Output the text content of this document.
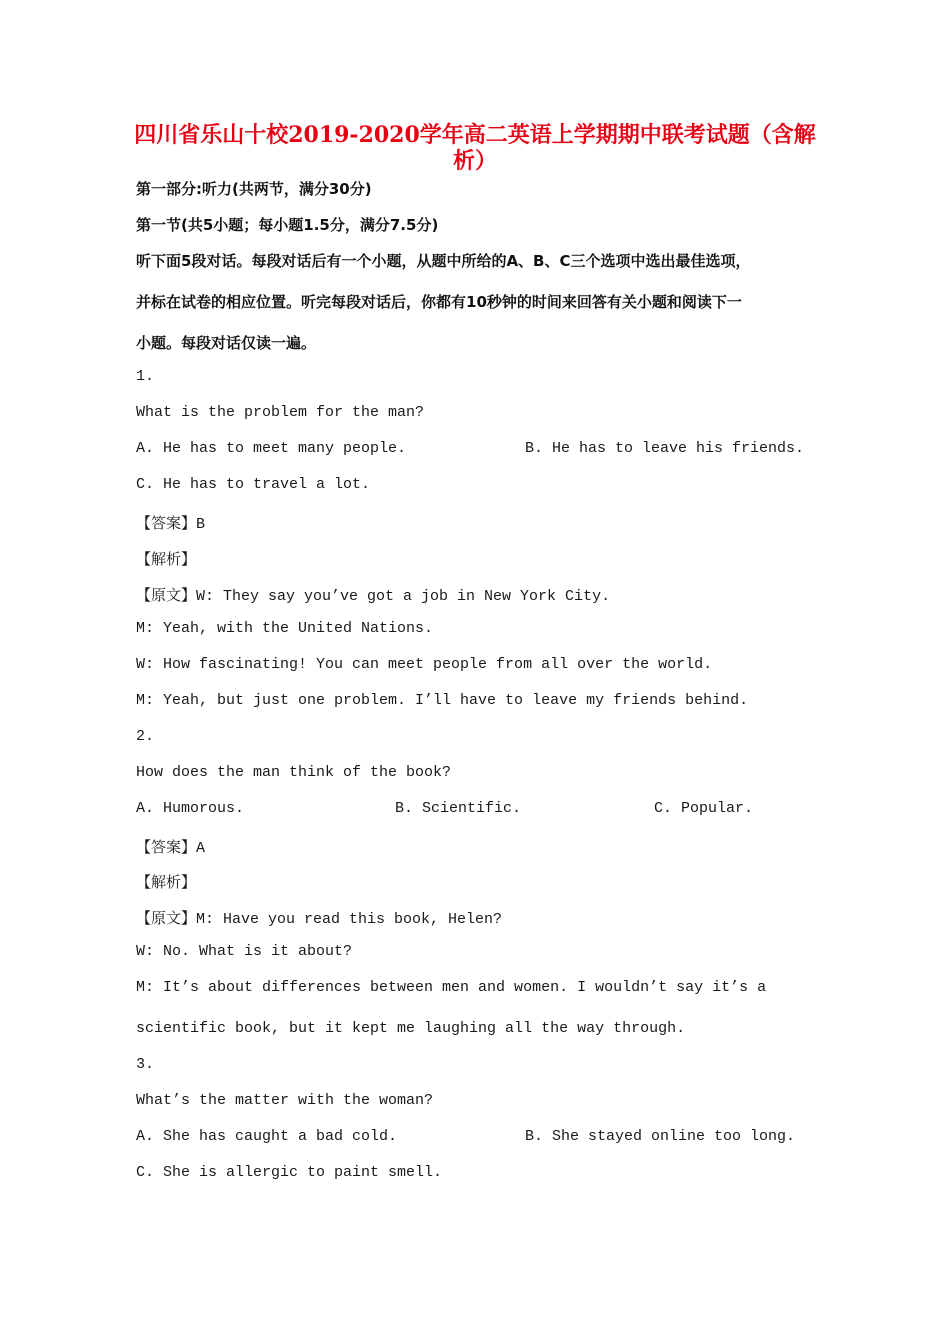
四川省乐山十校2019-2020学年高二英语上学期期中联考试题（含解析）
第一部分:听力(共两节，满分30分)
第一节(共5小题；每小题1.5分，满分7.5分)
听下面5段对话。每段对话后有一个小题，从题中所给的A、B、C三个选项中选出最佳选项，
并标在试卷的相应位置。听完每段对话后，你都有10秒钟的时间来回答有关小题和阅读下一
小题。每段对话仅读一遍。
1.
What is the problem for the man?
A. He has to meet many people.	B. He has to leave his friends.
C. He has to travel a lot.
【答案】B
【解析】
【原文】W: They say you’ve got a job in New York City.
M: Yeah, with the United Nations.
W: How fascinating! You can meet people from all over the world.
M: Yeah, but just one problem. I’ll have to leave my friends behind.
2.
How does the man think of the book?
A. Humorous.	B. Scientific.	C. Popular.
【答案】A
【解析】
【原文】M: Have you read this book, Helen?
W: No. What is it about?
M: It’s about differences between men and women. I wouldn’t say it’s a
scientific book, but it kept me laughing all the way through.
3.
What’s the matter with the woman?
A. She has caught a bad cold.	B. She stayed online too long.
C. She is allergic to paint smell.
